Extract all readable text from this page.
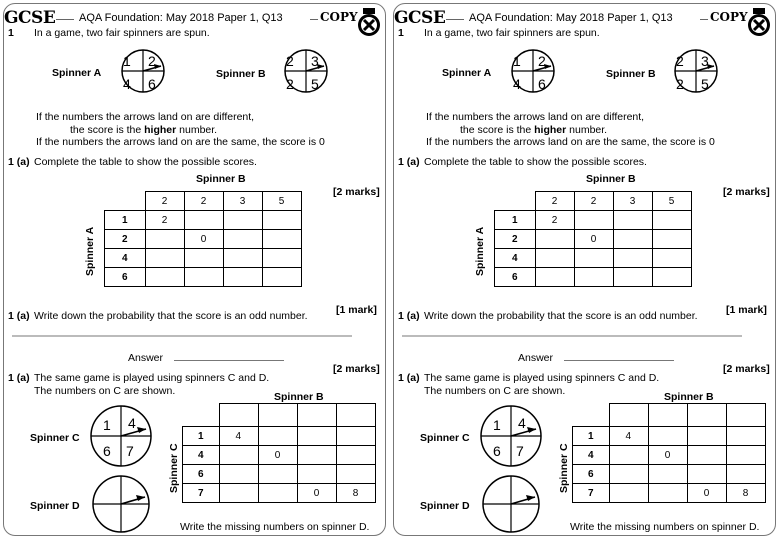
GCSE AQA Foundation: May 2018 Paper 1, Q13	COPY
1 In a game, two fair spinners are spun.
Spinner A
1 2
4 6
Spinner B
2 3
2 5
If the numbers the arrows land on are different,
the score is the higher number.
If the numbers the arrows land on are the same, the score is 0
1 (a) Complete the table to show the possible scores.
Spinner B
[2 marks]
Spinner A
	2	2	3	5
1	2			
2		0		
4				
6				
1 (a) Write down the probability that the score is an odd number.	[1 mark]
Answer
[2 marks]
1 (a) The same game is played using spinners C and D.
The numbers on C are shown.
Spinner C
1 4
6 7
Spinner D
Spinner B
Spinner C

1	4			
4		0		
6				
7			0	8
Write the missing numbers on spinner D.
GCSE AQA Foundation: May 2018 Paper 1, Q13	COPY
1 In a game, two fair spinners are spun.
Spinner A
1 2
4 6
Spinner B
2 3
2 5
If the numbers the arrows land on are different,
the score is the higher number.
If the numbers the arrows land on are the same, the score is 0
1 (a) Complete the table to show the possible scores.
Spinner B
[2 marks]
Spinner A
	2	2	3	5
1	2			
2		0		
4				
6				
1 (a) Write down the probability that the score is an odd number.	[1 mark]
Answer
[2 marks]
1 (a) The same game is played using spinners C and D.
The numbers on C are shown.
Spinner C
1 4
6 7
Spinner D
Spinner B
Spinner C

1	4			
4		0		
6				
7			0	8
Write the missing numbers on spinner D.
